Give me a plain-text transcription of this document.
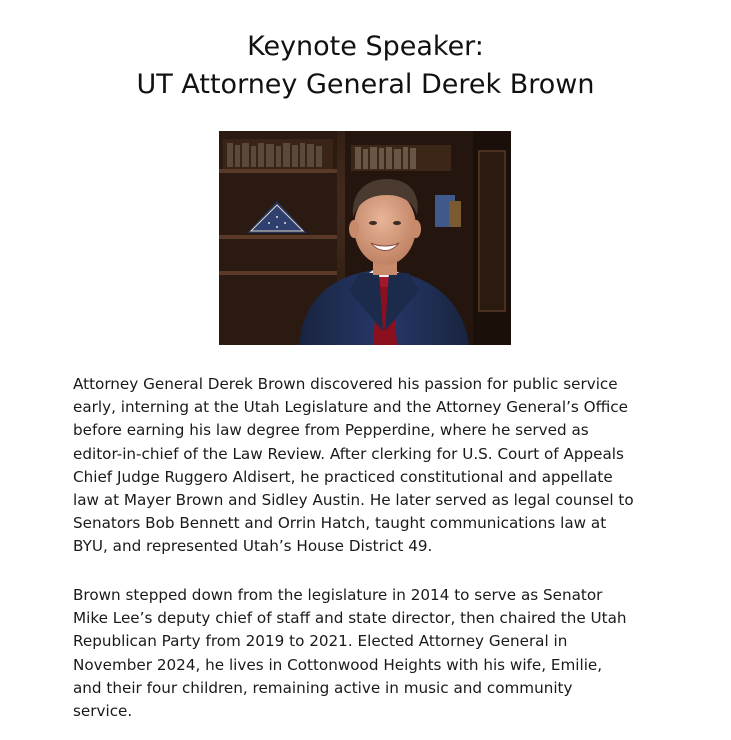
Keynote Speaker:
UT Attorney General Derek Brown
Attorney General Derek Brown discovered his passion for public service
early, interning at the Utah Legislature and the Attorney General’s Office
before earning his law degree from Pepperdine, where he served as
editor-in-chief of the Law Review. After clerking for U.S. Court of Appeals
Chief Judge Ruggero Aldisert, he practiced constitutional and appellate
law at Mayer Brown and Sidley Austin. He later served as legal counsel to
Senators Bob Bennett and Orrin Hatch, taught communications law at
BYU, and represented Utah’s House District 49.
Brown stepped down from the legislature in 2014 to serve as Senator
Mike Lee’s deputy chief of staff and state director, then chaired the Utah
Republican Party from 2019 to 2021. Elected Attorney General in
November 2024, he lives in Cottonwood Heights with his wife, Emilie,
and their four children, remaining active in music and community
service.
